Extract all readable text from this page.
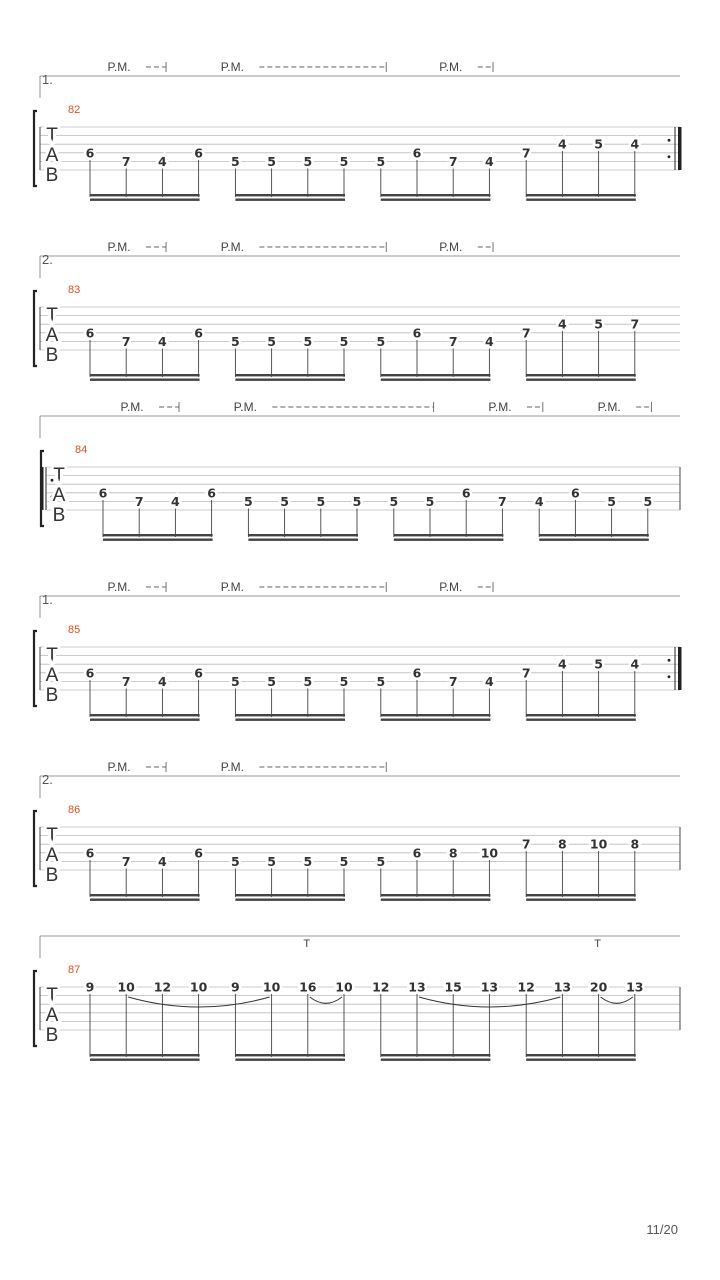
1.
P.M.	P.M.	P.M.
82
T
A
B
6
7 4
6
5 5 5 5 5
6
7 4
7
4 5 4
2.
P.M.	P.M.	P.M.
83
T
A
B
6
7 4
6
5 5 5 5 5
6
7 4
7
4 5 7
P.M.	P.M.	P.M.	P.M.
84
T
A
B
6
7 4
6
5 5 5 5 5 5
6
7 4
6
5 5
1.
P.M.	P.M.	P.M.
85
T
A
B
6
7 4
6
5 5 5 5 5
6
7 4
7
4 5 4
2.
P.M.	P.M.
86
T
A
B
6
7 4
6
5 5 5 5 5
6 8 10
7 8 10 8
T	T
87
T
A
B
9 10 12 10 9 10 16 10 12 13 15 13 12 13 20 13
11/20
